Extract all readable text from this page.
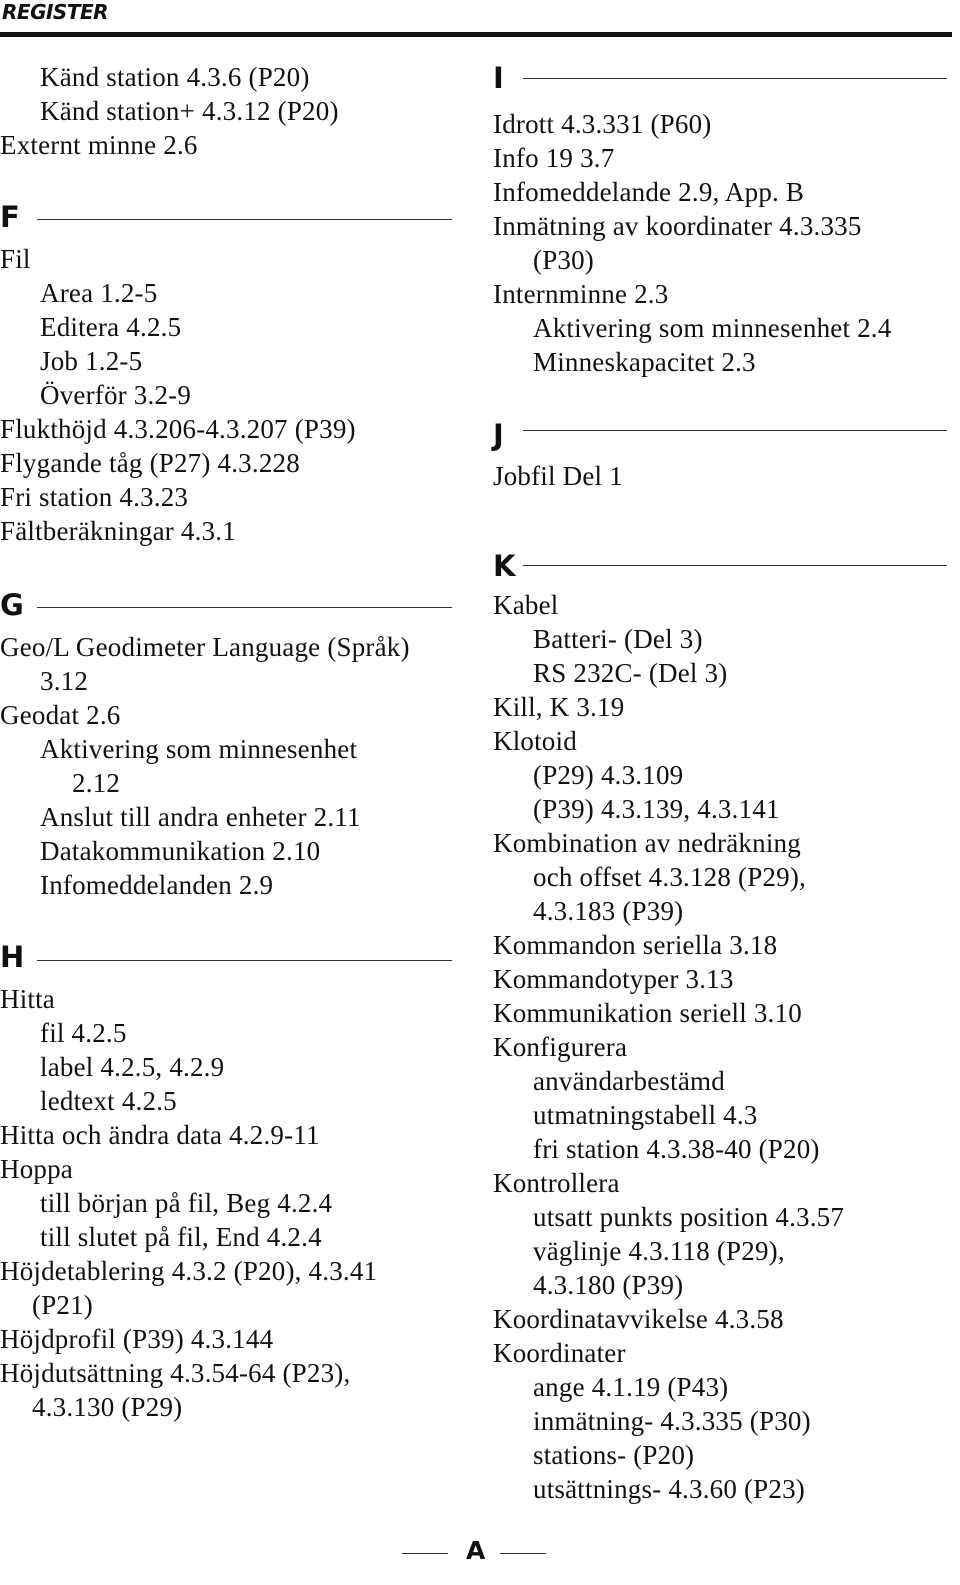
REGISTER
Känd station 4.3.6 (P20)
Känd station+ 4.3.12 (P20)
Externt minne 2.6
F
Fil
Area 1.2-5
Editera 4.2.5
Job 1.2-5
Överför 3.2-9
Flukthöjd 4.3.206-4.3.207 (P39)
Flygande tåg (P27) 4.3.228
Fri station 4.3.23
Fältberäkningar 4.3.1
G
Geo/L Geodimeter Language (Språk)
3.12
Geodat 2.6
Aktivering som minnesenhet
2.12
Anslut till andra enheter 2.11
Datakommunikation 2.10
Infomeddelanden 2.9
H
Hitta
fil 4.2.5
label 4.2.5, 4.2.9
ledtext 4.2.5
Hitta och ändra data 4.2.9-11
Hoppa
till början på fil, Beg 4.2.4
till slutet på fil, End 4.2.4
Höjdetablering 4.3.2 (P20), 4.3.41
(P21)
Höjdprofil (P39) 4.3.144
Höjdutsättning 4.3.54-64 (P23),
4.3.130 (P29)
I
Idrott 4.3.331 (P60)
Info 19 3.7
Infomeddelande 2.9, App. B
Inmätning av koordinater 4.3.335
(P30)
Internminne 2.3
Aktivering som minnesenhet 2.4
Minneskapacitet 2.3
J
Jobfil Del 1
K
Kabel
Batteri- (Del 3)
RS 232C- (Del 3)
Kill, K 3.19
Klotoid
(P29) 4.3.109
(P39) 4.3.139, 4.3.141
Kombination av nedräkning
och offset 4.3.128 (P29),
4.3.183 (P39)
Kommandon seriella 3.18
Kommandotyper 3.13
Kommunikation seriell 3.10
Konfigurera
användarbestämd
utmatningstabell 4.3
fri station 4.3.38-40 (P20)
Kontrollera
utsatt punkts position 4.3.57
väglinje 4.3.118 (P29),
4.3.180 (P39)
Koordinatavvikelse 4.3.58
Koordinater
ange 4.1.19 (P43)
inmätning- 4.3.335 (P30)
stations- (P20)
utsättnings- 4.3.60 (P23)
A
